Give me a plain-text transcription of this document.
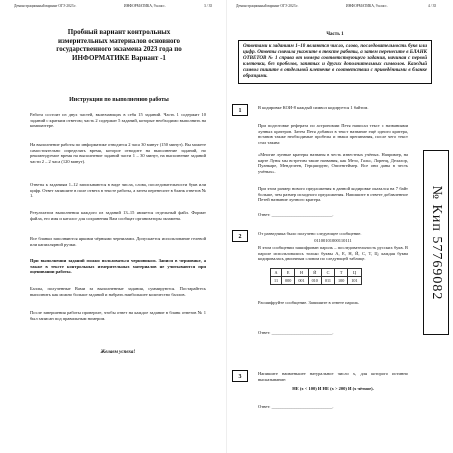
Демонстрационный вариант ОГЭ 2023 г.	ИНФОРМАТИКА, 9 класс.	3 / 35
Пробный вариант контрольных измерительных материалов основного государственного экзамена 2023 года по ИНФОРМАТИКЕ Вариант -1
Инструкция по выполнению работы
Работа состоит из двух частей, включающих в себя 15 заданий. Часть 1 содержит 10 заданий с кратким ответом; часть 2 содержит 5 заданий, которые необходимо выполнить на компьютере.
На выполнение работы по информатике отводится 2 часа 30 минут (150 минут). Вы можете самостоятельно определять время, которое отводите на выполнение заданий, но рекомендуемое время на выполнение заданий части 1 – 30 минут, на выполнение заданий части 2 – 2 часа (120 минут).
Ответы к заданиям 1–12 записываются в виде числа, слова, последовательности букв или цифр. Ответ запишите в поле ответа в тексте работы, а затем перенесите в бланк ответов № 1.
Результатом выполнения каждого из заданий 13–15 является отдельный файл. Формат файла, его имя и каталог для сохранения Вам сообщат организаторы экзамена.
Все бланки заполняются яркими чёрными чернилами. Допускается использование гелевой или капиллярной ручки.
При выполнении заданий можно пользоваться черновиком. Записи в черновике, а также в тексте контрольных измерительных материалов не учитываются при оценивании работы.
Баллы, полученные Вами за выполненные задания, суммируются. Постарайтесь выполнить как можно больше заданий и набрать наибольшее количество баллов.
После завершения работы проверьте, чтобы ответ на каждое задание в бланк ответов № 1 был записан под правильным номером.
Желаем успеха!
Демонстрационный вариант ОГЭ 2023 г.	ИНФОРМАТИКА, 9 класс.	4 / 35
Часть 1
Ответами к заданиям 1–10 являются число, слово, последовательность букв или цифр. Ответы сначала укажите в тексте работы, а затем перенесите в БЛАНК ОТВЕТОВ № 1 справа от номера соответствующего задания, начиная с первой клеточки, без пробелов, запятых и других дополнительных символов. Каждый символ пишите в отдельной клеточке в соответствии с приведёнными в бланке образцами.
1
В кодировке КОИ-8 каждый символ кодируется 1 байтом.
При подготовке реферата по астрономии Петя написал текст с названиями лунных кратеров. Затем Петя добавил в текст название ещё одного кратера, вставив также необходимые пробелы и знаки препинания, после чего текст стал таким:
«Многие лунные кратеры названы в честь известных учёных. Например, на карте Луны мы встретим такие названия, как Мезо, Гальс, Лоренц, Делалор, Пуанкаре, Менделеев, Герцшпрунг, Оппенгеймер. Все они даны в честь учёных».
При этом размер нового предложения в данной кодировке оказался на 7 байт больше, чем размер исходного предложения. Напишите в ответе добавленное Петей название лунного кратера.
Ответ: ___________________________.
2
От разведчика было получено следующее сообщение.
01100101000110111
В этом сообщении зашифрован пароль – последовательность русских букв. В пароле использовались только буквы А, Е, Н, Й, С, Т, Ц; каждая буква кодировалась двоичным словом по следующей таблице.
А	Е	Н	Й	С	Т	Ц
11	000	001	010	011	100	101
Расшифруйте сообщение. Запишите в ответе пароль.
Ответ: ___________________________.
3
Напишите наименьшее натуральное число x, для которого истинно высказывание:
НЕ (x < 100) И НЕ (x > 200) И (x чётное).
Ответ: ___________________________.
№ Кип 57769082
